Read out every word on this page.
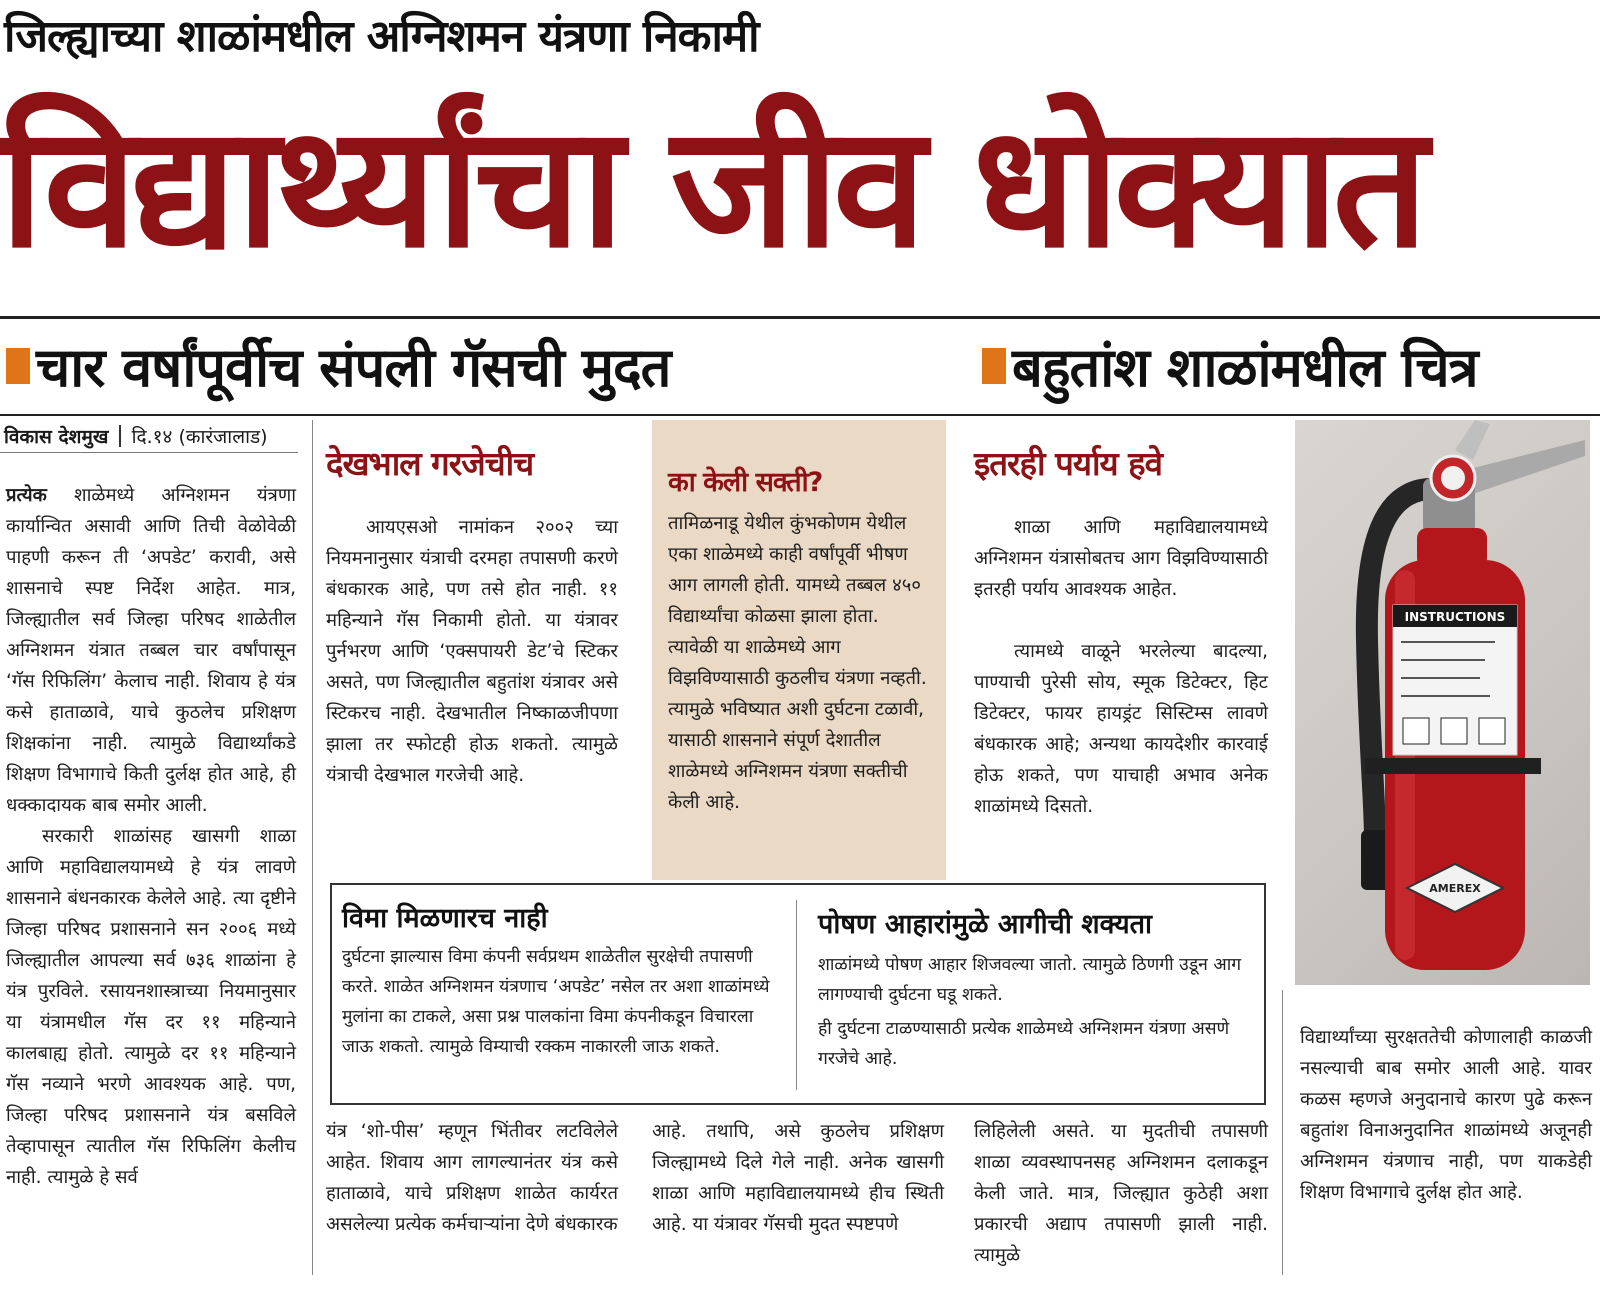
जिल्ह्याच्या शाळांमधील अग्निशमन यंत्रणा निकामी
विद्यार्थ्यांचा जीव धोक्यात
चार वर्षांपूर्वीच संपली गॅसची मुदत	बहुतांश शाळांमधील चित्र
विकास देशमुख दि.१४ (कारंजालाड)

प्रत्येक शाळेमध्ये अग्निशमन यंत्रणा कार्यान्वित असावी आणि तिची वेळोवेळी पाहणी करून ती ‘अपडेट’ करावी, असे शासनाचे स्पष्ट निर्देश आहेत. मात्र, जिल्ह्यातील सर्व जिल्हा परिषद शाळेतील अग्निशमन यंत्रात तब्बल चार वर्षांपासून ‘गॅस रिफिलिंग’ केलाच नाही. शिवाय हे यंत्र कसे हाताळावे, याचे कुठलेच प्रशिक्षण शिक्षकांना नाही. त्यामुळे विद्यार्थ्यांकडे शिक्षण विभागाचे किती दुर्लक्ष होत आहे, ही धक्कादायक बाब समोर आली.

सरकारी शाळांसह खासगी शाळा आणि महाविद्यालयामध्ये हे यंत्र लावणे शासनाने बंधनकारक केलेले आहे. त्या दृष्टीने जिल्हा परिषद प्रशासनाने सन २००६ मध्ये जिल्ह्यातील आपल्या सर्व ७३६ शाळांना हे यंत्र पुरविले. रसायनशास्त्राच्या नियमानुसार या यंत्रामधील गॅस दर ११ महिन्याने कालबाह्य होतो. त्यामुळे दर ११ महिन्याने गॅस नव्याने भरणे आवश्यक आहे. पण, जिल्हा परिषद प्रशासनाने यंत्र बसविले तेव्हापासून त्यातील गॅस रिफिलिंग केलीच नाही. त्यामुळे हे सर्व

देखभाल गरजेचीच
आयएसओ नामांकन २००२ च्या नियमनानुसार यंत्राची दरमहा तपासणी करणे बंधकारक आहे, पण तसे होत नाही. ११ महिन्याने गॅस निकामी होतो. या यंत्रावर पुर्नभरण आणि ‘एक्सपायरी डेट’चे स्टिकर असते, पण जिल्ह्यातील बहुतांश यंत्रावर असे स्टिकरच नाही. देखभातील निष्काळजीपणा झाला तर स्फोटही होऊ शकतो. त्यामुळे यंत्राची देखभाल गरजेची आहे.
का केली सक्ती?
तामिळनाडू येथील कुंभकोणम येथील एका शाळेमध्ये काही वर्षांपूर्वी भीषण आग लागली होती. यामध्ये तब्बल ४५० विद्यार्थ्यांचा कोळसा झाला होता. त्यावेळी या शाळेमध्ये आग विझविण्यासाठी कुठलीच यंत्रणा नव्हती. त्यामुळे भविष्यात अशी दुर्घटना टळावी, यासाठी शासनाने संपूर्ण देशातील शाळेमध्ये अग्निशमन यंत्रणा सक्तीची केली आहे.
इतरही पर्याय हवे
शाळा आणि महाविद्यालयामध्ये अग्निशमन यंत्रासोबतच आग विझविण्यासाठी इतरही पर्याय आवश्यक आहेत.
त्यामध्ये वाळूने भरलेल्या बादल्या, पाण्याची पुरेसी सोय, स्मूक डिटेक्टर, हिट डिटेक्टर, फायर हायड्रंट सिस्टिम्स लावणे बंधकारक आहे; अन्यथा कायदेशीर कारवाई होऊ शकते, पण याचाही अभाव अनेक शाळांमध्ये दिसतो.
INSTRUCTIONS
AMEREX
विमा मिळणारच नाही
दुर्घटना झाल्यास विमा कंपनी सर्वप्रथम शाळेतील सुरक्षेची तपासणी करते. शाळेत अग्निशमन यंत्रणाच ‘अपडेट’ नसेल तर अशा शाळांमध्ये मुलांना का टाकले, असा प्रश्न पालकांना विमा कंपनीकडून विचारला जाऊ शकतो. त्यामुळे विम्याची रक्कम नाकारली जाऊ शकते.
पोषण आहारांमुळे आगीची शक्यता
शाळांमध्ये पोषण आहार शिजवल्या जातो. त्यामुळे ठिणगी उडून आग लागण्याची दुर्घटना घडू शकते.
ही दुर्घटना टाळण्यासाठी प्रत्येक शाळेमध्ये अग्निशमन यंत्रणा असणे गरजेचे आहे.
विद्यार्थ्यांच्या सुरक्षततेची कोणालाही काळजी नसल्याची बाब समोर आली आहे. यावर कळस म्हणजे अनुदानाचे कारण पुढे करून बहुतांश विनाअनुदानित शाळांमध्ये अजूनही अग्निशमन यंत्रणाच नाही, पण याकडेही शिक्षण विभागाचे दुर्लक्ष होत आहे.
यंत्र ‘शो-पीस’ म्हणून भिंतीवर लटविलेले आहेत. शिवाय आग लागल्यानंतर यंत्र कसे हाताळावे, याचे प्रशिक्षण शाळेत कार्यरत असलेल्या प्रत्येक कर्मचाऱ्यांना देणे बंधकारक
आहे. तथापि, असे कुठलेच प्रशिक्षण जिल्ह्यामध्ये दिले गेले नाही. अनेक खासगी शाळा आणि महाविद्यालयामध्ये हीच स्थिती आहे. या यंत्रावर गॅसची मुदत स्पष्टपणे
लिहिलेली असते. या मुदतीची तपासणी शाळा व्यवस्थापनसह अग्निशमन दलाकडून केली जाते. मात्र, जिल्ह्यात कुठेही अशा प्रकारची अद्याप तपासणी झाली नाही. त्यामुळे
